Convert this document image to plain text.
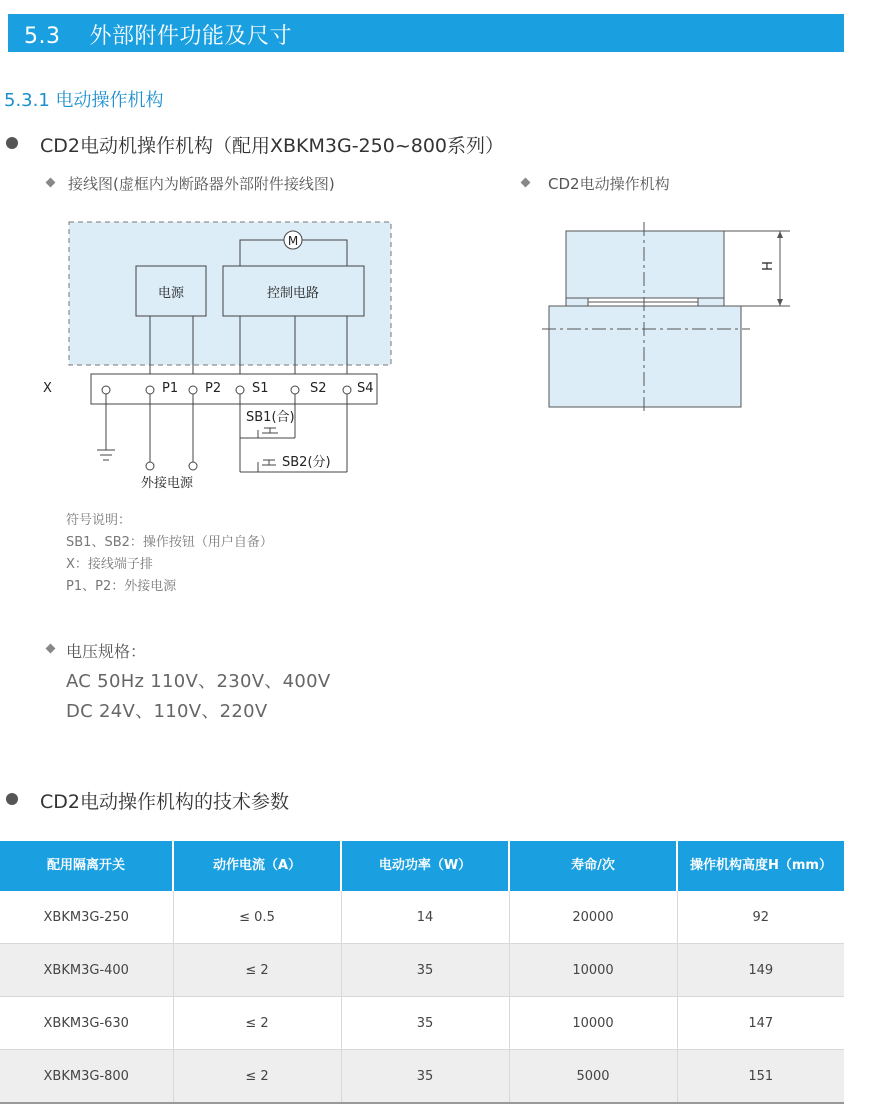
5.3 外部附件功能及尺寸
5.3.1 电动操作机构
CD2电动机操作机构（配用XBKM3G-250~800系列）
接线图(虚框内为断路器外部附件接线图)	CD2电动操作机构
M
电源	控制电路
X	P1 P2 S1	S2 S4
外接电源
SB1(合)
SB2(分)
H
符号说明：
SB1、SB2：操作按钮（用户自备）
X：接线端子排
P1、P2：外接电源
电压规格：
AC 50Hz 110V、230V、400V
DC 24V、110V、220V
CD2电动操作机构的技术参数
配用隔离开关	动作电流（A）	电动功率（W）	寿命/次	操作机构高度H（mm）
XBKM3G-250	≤ 0.5	14	20000	92
XBKM3G-400	≤ 2	35	10000	149
XBKM3G-630	≤ 2	35	10000	147
XBKM3G-800	≤ 2	35	5000	151
